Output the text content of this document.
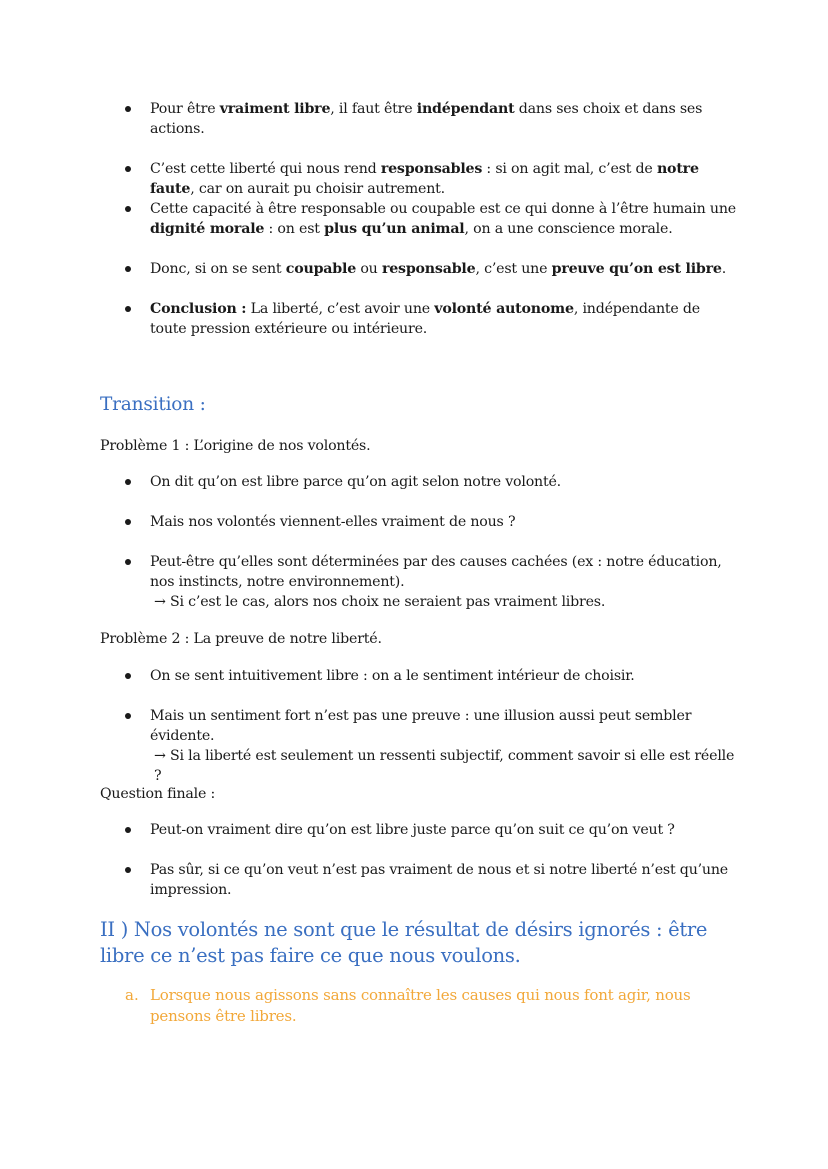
Pour être vraiment libre, il faut être indépendant dans ses choix et dans ses actions.
C’est cette liberté qui nous rend responsables : si on agit mal, c’est de notre faute, car on aurait pu choisir autrement.
Cette capacité à être responsable ou coupable est ce qui donne à l’être humain une dignité morale : on est plus qu’un animal, on a une conscience morale.
Donc, si on se sent coupable ou responsable, c’est une preuve qu’on est libre.
Conclusion : La liberté, c’est avoir une volonté autonome, indépendante de toute pression extérieure ou intérieure.
Transition :
Problème 1 : L’origine de nos volontés.
On dit qu’on est libre parce qu’on agit selon notre volonté.
Mais nos volontés viennent-elles vraiment de nous ?
Peut-être qu’elles sont déterminées par des causes cachées (ex : notre éducation, nos instincts, notre environnement).
→ Si c’est le cas, alors nos choix ne seraient pas vraiment libres.
Problème 2 : La preuve de notre liberté.
On se sent intuitivement libre : on a le sentiment intérieur de choisir.
Mais un sentiment fort n’est pas une preuve : une illusion aussi peut sembler évidente.
→ Si la liberté est seulement un ressenti subjectif, comment savoir si elle est réelle ?
Question finale :
Peut-on vraiment dire qu’on est libre juste parce qu’on suit ce qu’on veut ?
Pas sûr, si ce qu’on veut n’est pas vraiment de nous et si notre liberté n’est qu’une impression.
II ) Nos volontés ne sont que le résultat de désirs ignorés : être libre ce n’est pas faire ce que nous voulons.
a. Lorsque nous agissons sans connaître les causes qui nous font agir, nous pensons être libres.
